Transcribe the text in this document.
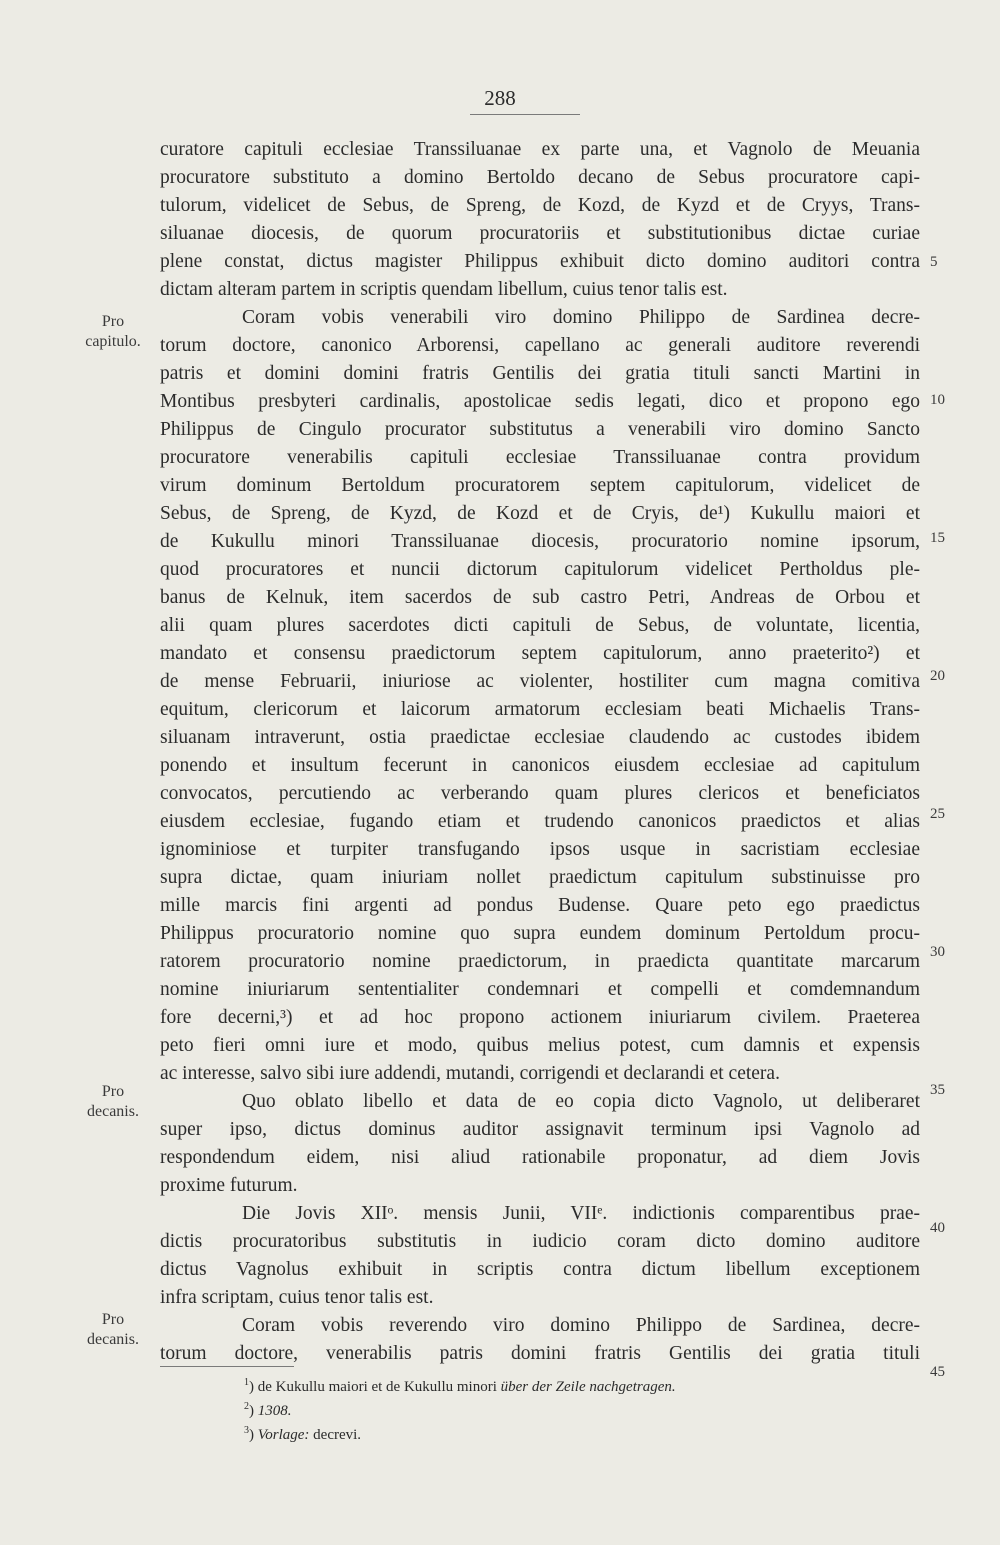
288
curatore capituli ecclesiae Transsiluanae ex parte una, et Vagnolo de Meuania
procuratore substituto a domino Bertoldo decano de Sebus procuratore capi-
tulorum, videlicet de Sebus, de Spreng, de Kozd, de Kyzd et de Cryys, Trans-
siluanae diocesis, de quorum procuratoriis et substitutionibus dictae curiae
plene constat, dictus magister Philippus exhibuit dicto domino auditori contra
dictam alteram partem in scriptis quendam libellum, cuius tenor talis est.
Coram vobis venerabili viro domino Philippo de Sardinea decre-
torum doctore, canonico Arborensi, capellano ac generali auditore reverendi
patris et domini domini fratris Gentilis dei gratia tituli sancti Martini in
Montibus presbyteri cardinalis, apostolicae sedis legati, dico et propono ego
Philippus de Cingulo procurator substitutus a venerabili viro domino Sancto
procuratore venerabilis capituli ecclesiae Transsiluanae contra providum
virum dominum Bertoldum procuratorem septem capitulorum, videlicet de
Sebus, de Spreng, de Kyzd, de Kozd et de Cryis, de¹) Kukullu maiori et
de Kukullu minori Transsiluanae diocesis, procuratorio nomine ipsorum,
quod procuratores et nuncii dictorum capitulorum videlicet Pertholdus ple-
banus de Kelnuk, item sacerdos de sub castro Petri, Andreas de Orbou et
alii quam plures sacerdotes dicti capituli de Sebus, de voluntate, licentia,
mandato et consensu praedictorum septem capitulorum, anno praeterito²) et
de mense Februarii, iniuriose ac violenter, hostiliter cum magna comitiva
equitum, clericorum et laicorum armatorum ecclesiam beati Michaelis Trans-
siluanam intraverunt, ostia praedictae ecclesiae claudendo ac custodes ibidem
ponendo et insultum fecerunt in canonicos eiusdem ecclesiae ad capitulum
convocatos, percutiendo ac verberando quam plures clericos et beneficiatos
eiusdem ecclesiae, fugando etiam et trudendo canonicos praedictos et alias
ignominiose et turpiter transfugando ipsos usque in sacristiam ecclesiae
supra dictae, quam iniuriam nollet praedictum capitulum substinuisse pro
mille marcis fini argenti ad pondus Budense. Quare peto ego praedictus
Philippus procuratorio nomine quo supra eundem dominum Pertoldum procu-
ratorem procuratorio nomine praedictorum, in praedicta quantitate marcarum
nomine iniuriarum sententialiter condemnari et compelli et comdemnandum
fore decerni,³) et ad hoc propono actionem iniuriarum civilem. Praeterea
peto fieri omni iure et modo, quibus melius potest, cum damnis et expensis
ac interesse, salvo sibi iure addendi, mutandi, corrigendi et declarandi et cetera.
Quo oblato libello et data de eo copia dicto Vagnolo, ut deliberaret
super ipso, dictus dominus auditor assignavit terminum ipsi Vagnolo ad
respondendum eidem, nisi aliud rationabile proponatur, ad diem Jovis
proxime futurum.
Die Jovis XIIᵒ. mensis Junii, VIIᵉ. indictionis comparentibus prae-
dictis procuratoribus substitutis in iudicio coram dicto domino auditore
dictus Vagnolus exhibuit in scriptis contra dictum libellum exceptionem
infra scriptam, cuius tenor talis est.
Coram vobis reverendo viro domino Philippo de Sardinea, decre-
torum doctore, venerabilis patris domini fratris Gentilis dei gratia tituli
5
10
15
20
25
30
35
40
45
Pro
capitulo.
Pro
decanis.
Pro
decanis.
$^1$) de Kukullu maiori et de Kukullu minori über der Zeile nachgetragen.
$^2$) 1308.
$^3$) Vorlage: decrevi.
